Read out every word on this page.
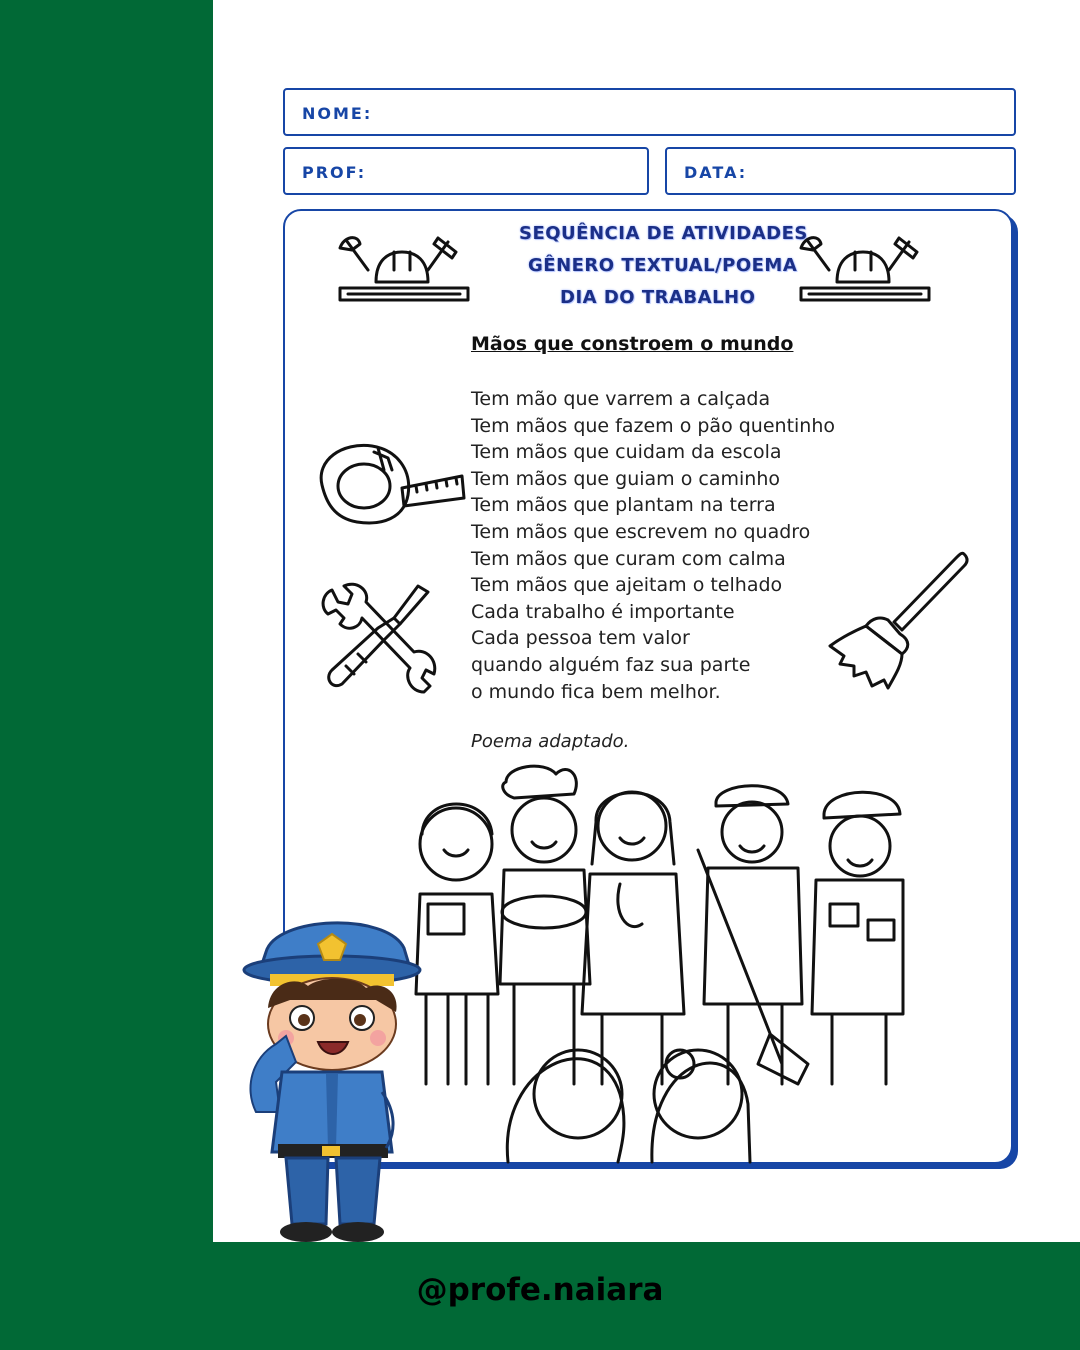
NOME:
PROF:	DATA:
SEQUÊNCIA DE ATIVIDADES
GÊNERO TEXTUAL/POEMA
DIA DO TRABALHO
Mãos que constroem o mundo
Tem mão que varrem a calçada
Tem mãos que fazem o pão quentinho
Tem mãos que cuidam da escola
Tem mãos que guiam o caminho
Tem mãos que plantam na terra
Tem mãos que escrevem no quadro
Tem mãos que curam com calma
Tem mãos que ajeitam o telhado
Cada trabalho é importante
Cada pessoa tem valor
quando alguém faz sua parte
o mundo fica bem melhor.
Poema adaptado.
@profe.naiara
